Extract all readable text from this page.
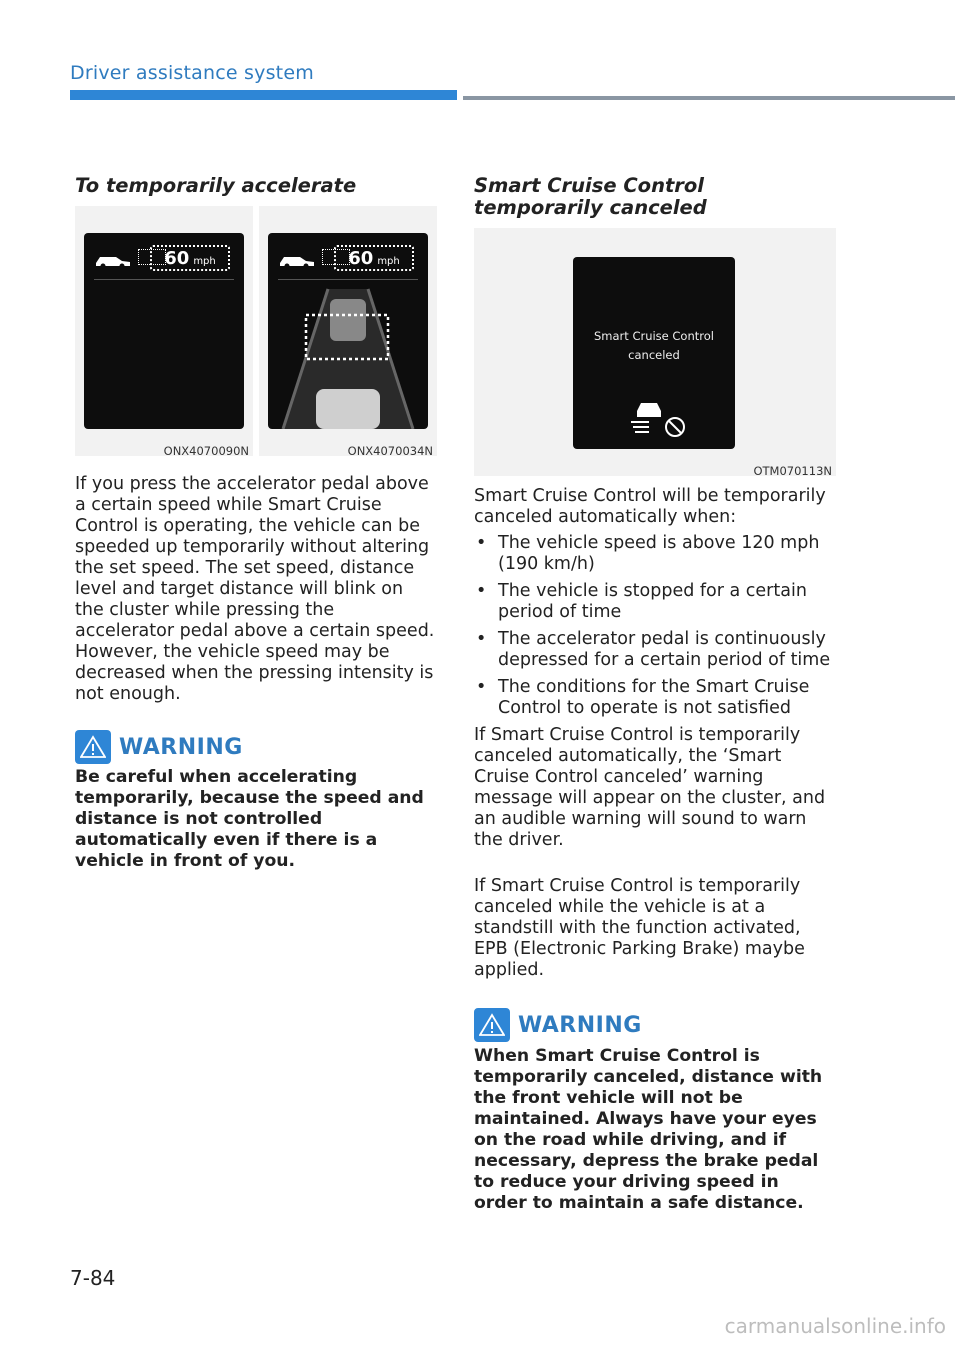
Driver assistance system
To temporarily accelerate
60 mph
ONX4070090N
60 mph
ONX4070034N
If you press the accelerator pedal above a certain speed while Smart Cruise Control is operating, the vehicle can be speeded up temporarily without altering the set speed. The set speed, distance level and target distance will blink on the cluster while pressing the accelerator pedal above a certain speed. However, the vehicle speed may be decreased when the pressing intensity is not enough.
WARNING
Be careful when accelerating temporarily, because the speed and distance is not controlled automatically even if there is a vehicle in front of you.
Smart Cruise Control temporarily canceled
Smart Cruise Control
canceled
OTM070113N
Smart Cruise Control will be temporarily canceled automatically when:
• The vehicle speed is above 120 mph (190 km/h)
• The vehicle is stopped for a certain period of time
• The accelerator pedal is continuously depressed for a certain period of time
• The conditions for the Smart Cruise Control to operate is not satisfied
If Smart Cruise Control is temporarily canceled automatically, the ‘Smart Cruise Control canceled’ warning message will appear on the cluster, and an audible warning will sound to warn the driver.
If Smart Cruise Control is temporarily canceled while the vehicle is at a standstill with the function activated, EPB (Electronic Parking Brake) maybe applied.
WARNING
When Smart Cruise Control is temporarily canceled, distance with the front vehicle will not be maintained. Always have your eyes on the road while driving, and if necessary, depress the brake pedal to reduce your driving speed in order to maintain a safe distance.
7-84
carmanualsonline.info
